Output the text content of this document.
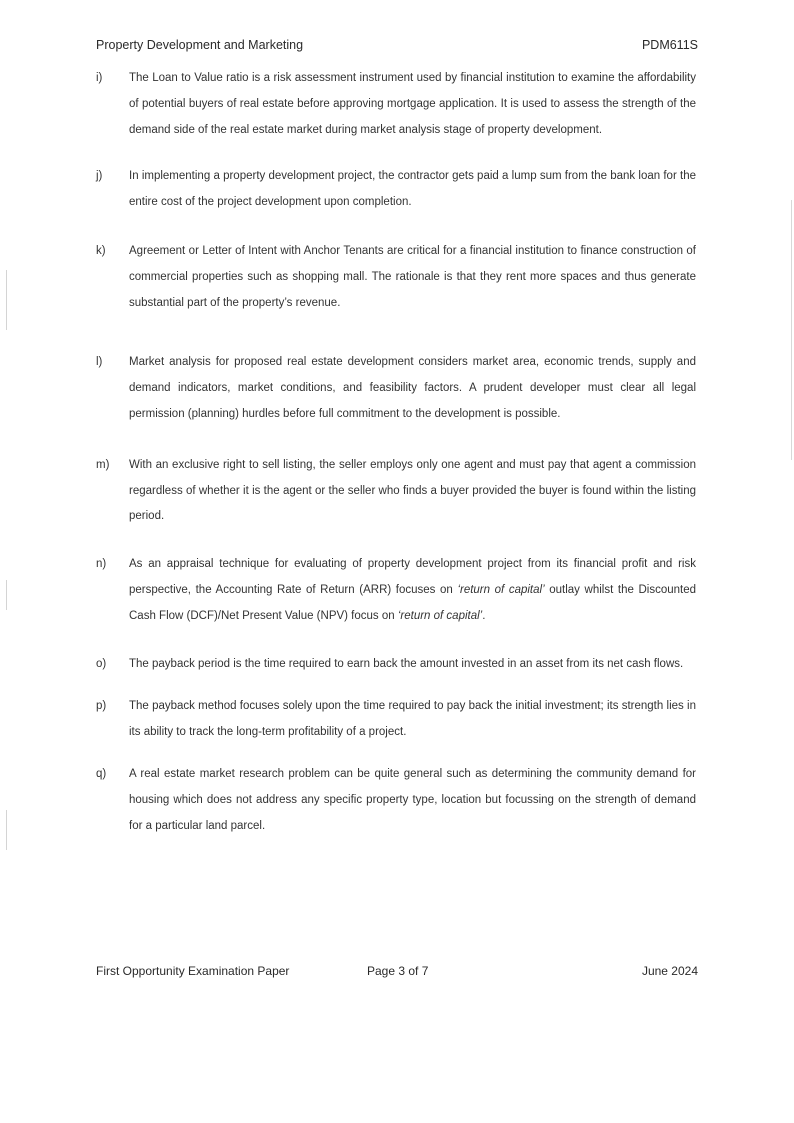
Property Development and Marketing	PDM611S
i)	The Loan to Value ratio is a risk assessment instrument used by financial institution to examine the affordability of potential buyers of real estate before approving mortgage application. It is used to assess the strength of the demand side of the real estate market during market analysis stage of property development.
j)	In implementing a property development project, the contractor gets paid a lump sum from the bank loan for the entire cost of the project development upon completion.
k)	Agreement or Letter of Intent with Anchor Tenants are critical for a financial institution to finance construction of commercial properties such as shopping mall. The rationale is that they rent more spaces and thus generate substantial part of the property’s revenue.
l)	Market analysis for proposed real estate development considers market area, economic trends, supply and demand indicators, market conditions, and feasibility factors. A prudent developer must clear all legal permission (planning) hurdles before full commitment to the development is possible.
m)	With an exclusive right to sell listing, the seller employs only one agent and must pay that agent a commission regardless of whether it is the agent or the seller who finds a buyer provided the buyer is found within the listing period.
n)	As an appraisal technique for evaluating of property development project from its financial profit and risk perspective, the Accounting Rate of Return (ARR) focuses on ‘return of capital’ outlay whilst the Discounted Cash Flow (DCF)/Net Present Value (NPV) focus on ‘return of capital’.
o)	The payback period is the time required to earn back the amount invested in an asset from its net cash flows.
p)	The payback method focuses solely upon the time required to pay back the initial investment; its strength lies in its ability to track the long-term profitability of a project.
q)	A real estate market research problem can be quite general such as determining the community demand for housing which does not address any specific property type, location but focussing on the strength of demand for a particular land parcel.
First Opportunity Examination Paper	Page 3 of 7	June 2024
